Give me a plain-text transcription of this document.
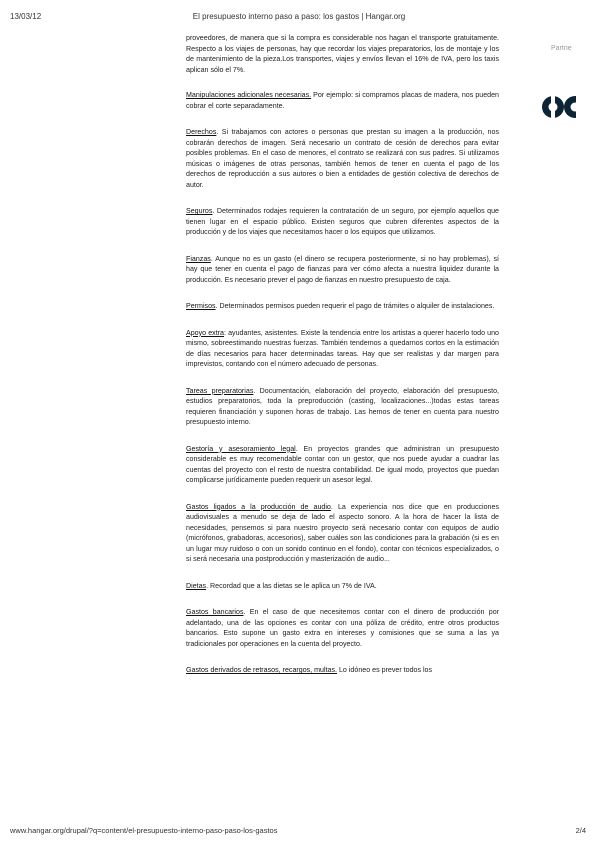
13/03/12	El presupuesto interno paso a paso: los gastos | Hangar.org
Partne

proveedores, de manera que si la compra es considerable nos hagan el transporte gratuitamente. Respecto a los viajes de personas, hay que recordar los viajes preparatorios, los de montaje y los de mantenimiento de la pieza.Los transportes, viajes y envíos llevan el 16% de IVA, pero los taxis aplican sólo el 7%.

Manipulaciones adicionales necesarias. Por ejemplo: si compramos placas de madera, nos pueden cobrar el corte separadamente.

Derechos. Si trabajamos con actores o personas que prestan su imagen a la producción, nos cobrarán derechos de imagen. Será necesario un contrato de cesión de derechos para evitar posibles problemas. En el caso de menores, el contrato se realizará con sus padres. Si utilizamos músicas o imágenes de otras personas, también hemos de tener en cuenta el pago de los derechos de reproducción a sus autores o bien a entidades de gestión colectiva de derechos de autor.

Seguros. Determinados rodajes requieren la contratación de un seguro, por ejemplo aquellos que tienen lugar en el espacio público. Existen seguros que cubren diferentes aspectos de la producción y de los viajes que necesitamos hacer o los equipos que utilizamos.

Fianzas. Aunque no es un gasto (el dinero se recupera posteriormente, si no hay problemas), sí hay que tener en cuenta el pago de fianzas para ver cómo afecta a nuestra liquidez durante la producción. Es necesario prever el pago de fianzas en nuestro presupuesto de caja.

Permisos. Determinados permisos pueden requerir el pago de trámites o alquiler de instalaciones.

Apoyo extra: ayudantes, asistentes. Existe la tendencia entre los artistas a querer hacerlo todo uno mismo, sobreestimando nuestras fuerzas. También tendemos a quedarnos cortos en la estimación de días necesarios para hacer determinadas tareas. Hay que ser realistas y dar margen para imprevistos, contando con el número adecuado de personas.

Tareas preparatorias. Documentación, elaboración del proyecto, elaboración del presupuesto, estudios preparatorios, toda la preproducción (casting, localizaciones...)todas estas tareas requieren financiación y suponen horas de trabajo. Las hemos de tener en cuenta para nuestro presupuesto interno.

Gestoría y asesoramiento legal. En proyectos grandes que administran un presupuesto considerable es muy recomendable contar con un gestor, que nos puede ayudar a cuadrar las cuentas del proyecto con el resto de nuestra contabilidad. De igual modo, proyectos que puedan complicarse jurídicamente pueden requerir un asesor legal.

Gastos ligados a la producción de audio. La experiencia nos dice que en producciones audiovisuales a menudo se deja de lado el aspecto sonoro. A la hora de hacer la lista de necesidades, pensemos si para nuestro proyecto será necesario contar con equipos de audio (micrófonos, grabadoras, accesorios), saber cuáles son las condiciones para la grabación (si es en un lugar muy ruidoso o con un sonido continuo en el fondo), contar con técnicos especializados, o si será necesaria una postproducción y masterización de audio...

Dietas. Recordad que a las dietas se le aplica un 7% de IVA.

Gastos bancarios. En el caso de que necesitemos contar con el dinero de producción por adelantado, una de las opciones es contar con una póliza de crédito, entre otros productos bancarios. Esto supone un gasto extra en intereses y comisiones que se suma a las ya tradicionales por operaciones en la cuenta del proyecto.

Gastos derivados de retrasos, recargos, multas. Lo idóneo es prever todos los

www.hangar.org/drupal/?q=content/el-presupuesto-interno-paso-paso-los-gastos	2/4
